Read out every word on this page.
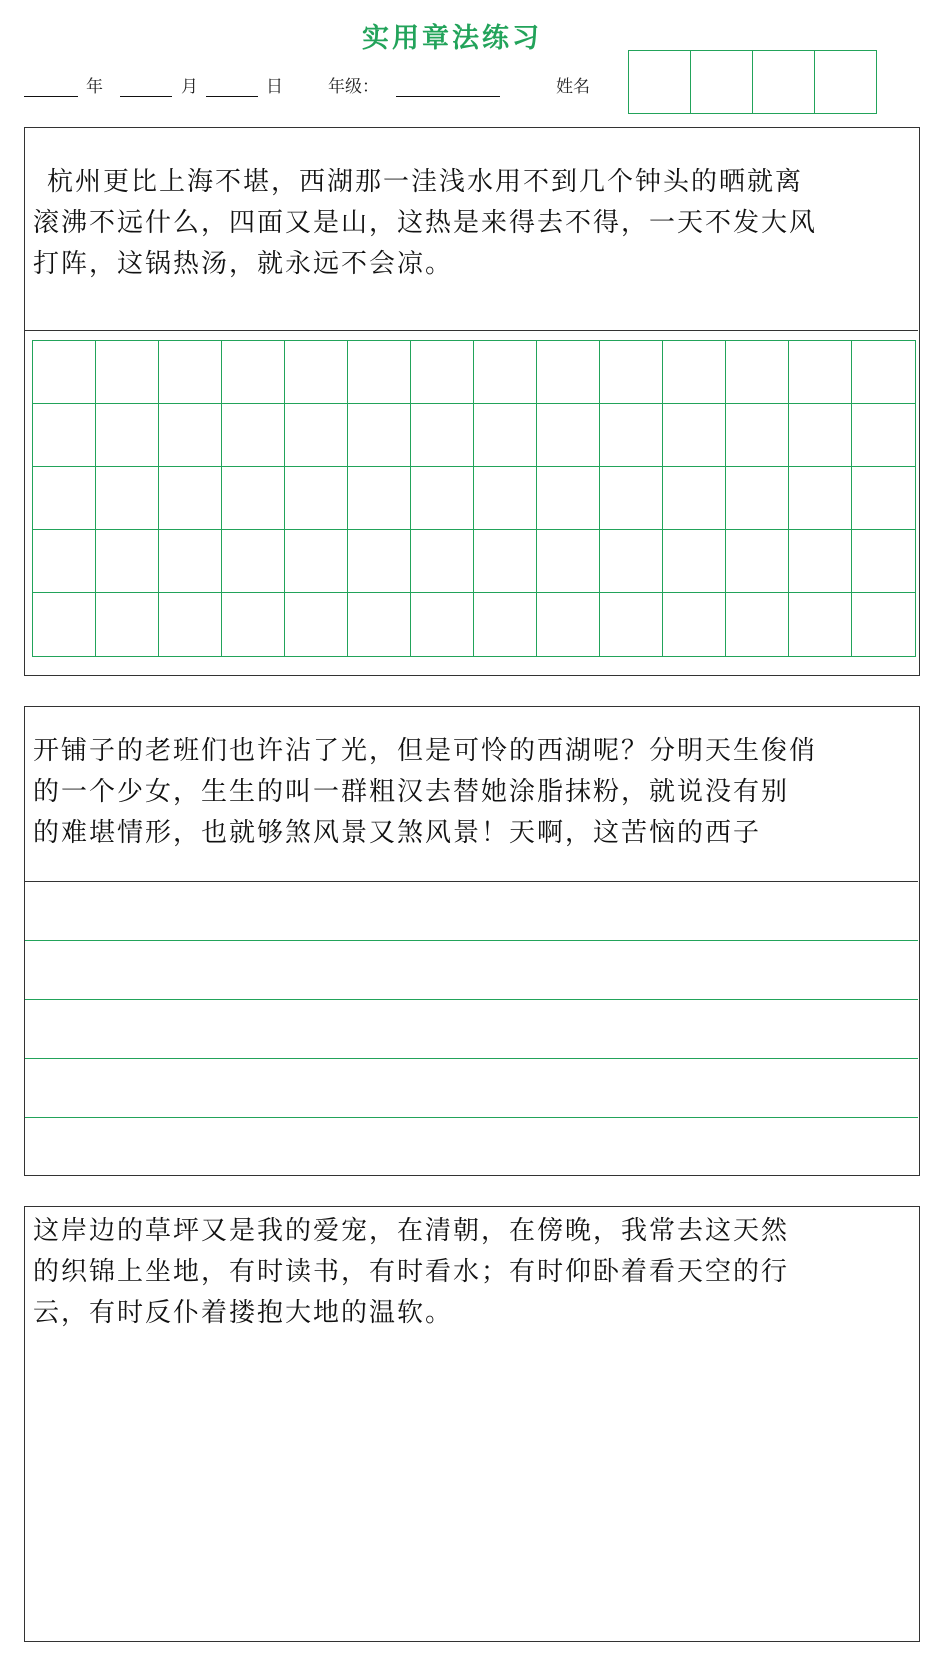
实用章法练习
年	月	日	年级：	姓名
杭州更比上海不堪，西湖那一洼浅水用不到几个钟头的晒就离
滚沸不远什么，四面又是山，这热是来得去不得，一天不发大风
打阵，这锅热汤，就永远不会凉。
开铺子的老班们也许沾了光，但是可怜的西湖呢？分明天生俊俏
的一个少女，生生的叫一群粗汉去替她涂脂抹粉，就说没有别
的难堪情形，也就够煞风景又煞风景！天啊，这苦恼的西子
这岸边的草坪又是我的爱宠，在清朝，在傍晚，我常去这天然
的织锦上坐地，有时读书，有时看水；有时仰卧着看天空的行
云，有时反仆着搂抱大地的温软。
